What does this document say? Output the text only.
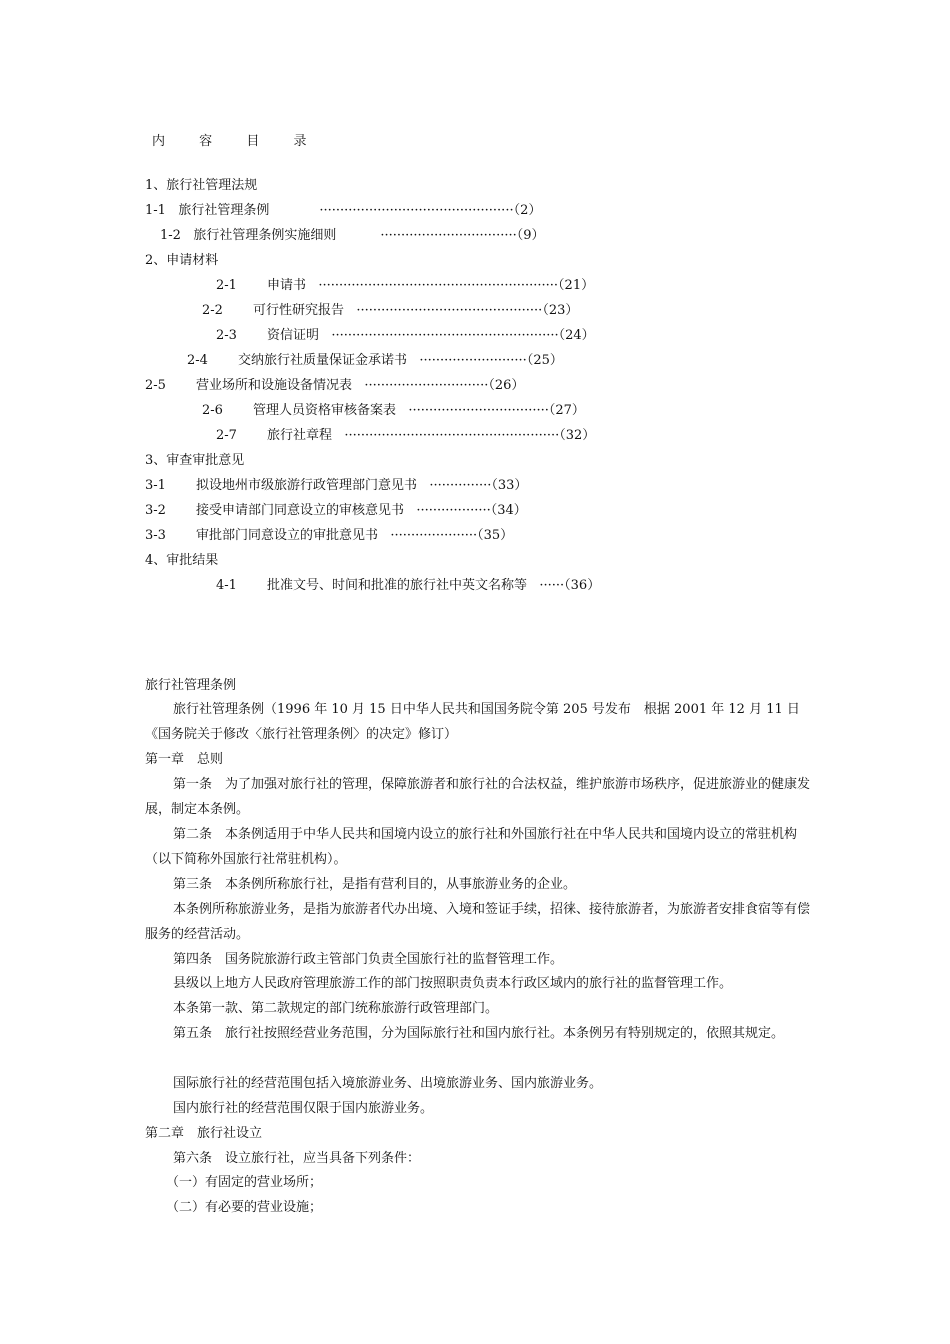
内	容	目	录
1、旅行社管理法规
1-1 旅行社管理条例	···············································（2）
1-2 旅行社管理条例实施细则	·································（9）
2、申请材料
2-1 申请书 ··························································（21）
2-2 可行性研究报告 ·············································（23）
2-3 资信证明 ·······················································（24）
2-4 交纳旅行社质量保证金承诺书 ··························（25）
2-5 营业场所和设施设备情况表 ······························（26）
2-6 管理人员资格审核备案表 ··································（27）
2-7 旅行社章程 ····················································（32）
3、审查审批意见
3-1 拟设地州市级旅游行政管理部门意见书 ···············（33）
3-2 接受申请部门同意设立的审核意见书 ··················（34）
3-3 审批部门同意设立的审批意见书 ·····················（35）
4、审批结果
4-1 批准文号、时间和批准的旅行社中英文名称等 ······（36）
旅行社管理条例
旅行社管理条例（1996 年 10 月 15 日中华人民共和国国务院令第 205 号发布　根据 2001 年 12 月 11 日《国务院关于修改〈旅行社管理条例〉的决定》修订）
第一章　总则
第一条　为了加强对旅行社的管理，保障旅游者和旅行社的合法权益，维护旅游市场秩序，促进旅游业的健康发展，制定本条例。
第二条　本条例适用于中华人民共和国境内设立的旅行社和外国旅行社在中华人民共和国境内设立的常驻机构（以下简称外国旅行社常驻机构）。
第三条　本条例所称旅行社，是指有营利目的，从事旅游业务的企业。
本条例所称旅游业务，是指为旅游者代办出境、入境和签证手续，招徕、接待旅游者，为旅游者安排食宿等有偿服务的经营活动。
第四条　国务院旅游行政主管部门负责全国旅行社的监督管理工作。
县级以上地方人民政府管理旅游工作的部门按照职责负责本行政区域内的旅行社的监督管理工作。
本条第一款、第二款规定的部门统称旅游行政管理部门。
第五条　旅行社按照经营业务范围，分为国际旅行社和国内旅行社。本条例另有特别规定的，依照其规定。
国际旅行社的经营范围包括入境旅游业务、出境旅游业务、国内旅游业务。
国内旅行社的经营范围仅限于国内旅游业务。
第二章　旅行社设立
第六条　设立旅行社，应当具备下列条件：
（一）有固定的营业场所；
（二）有必要的营业设施；
